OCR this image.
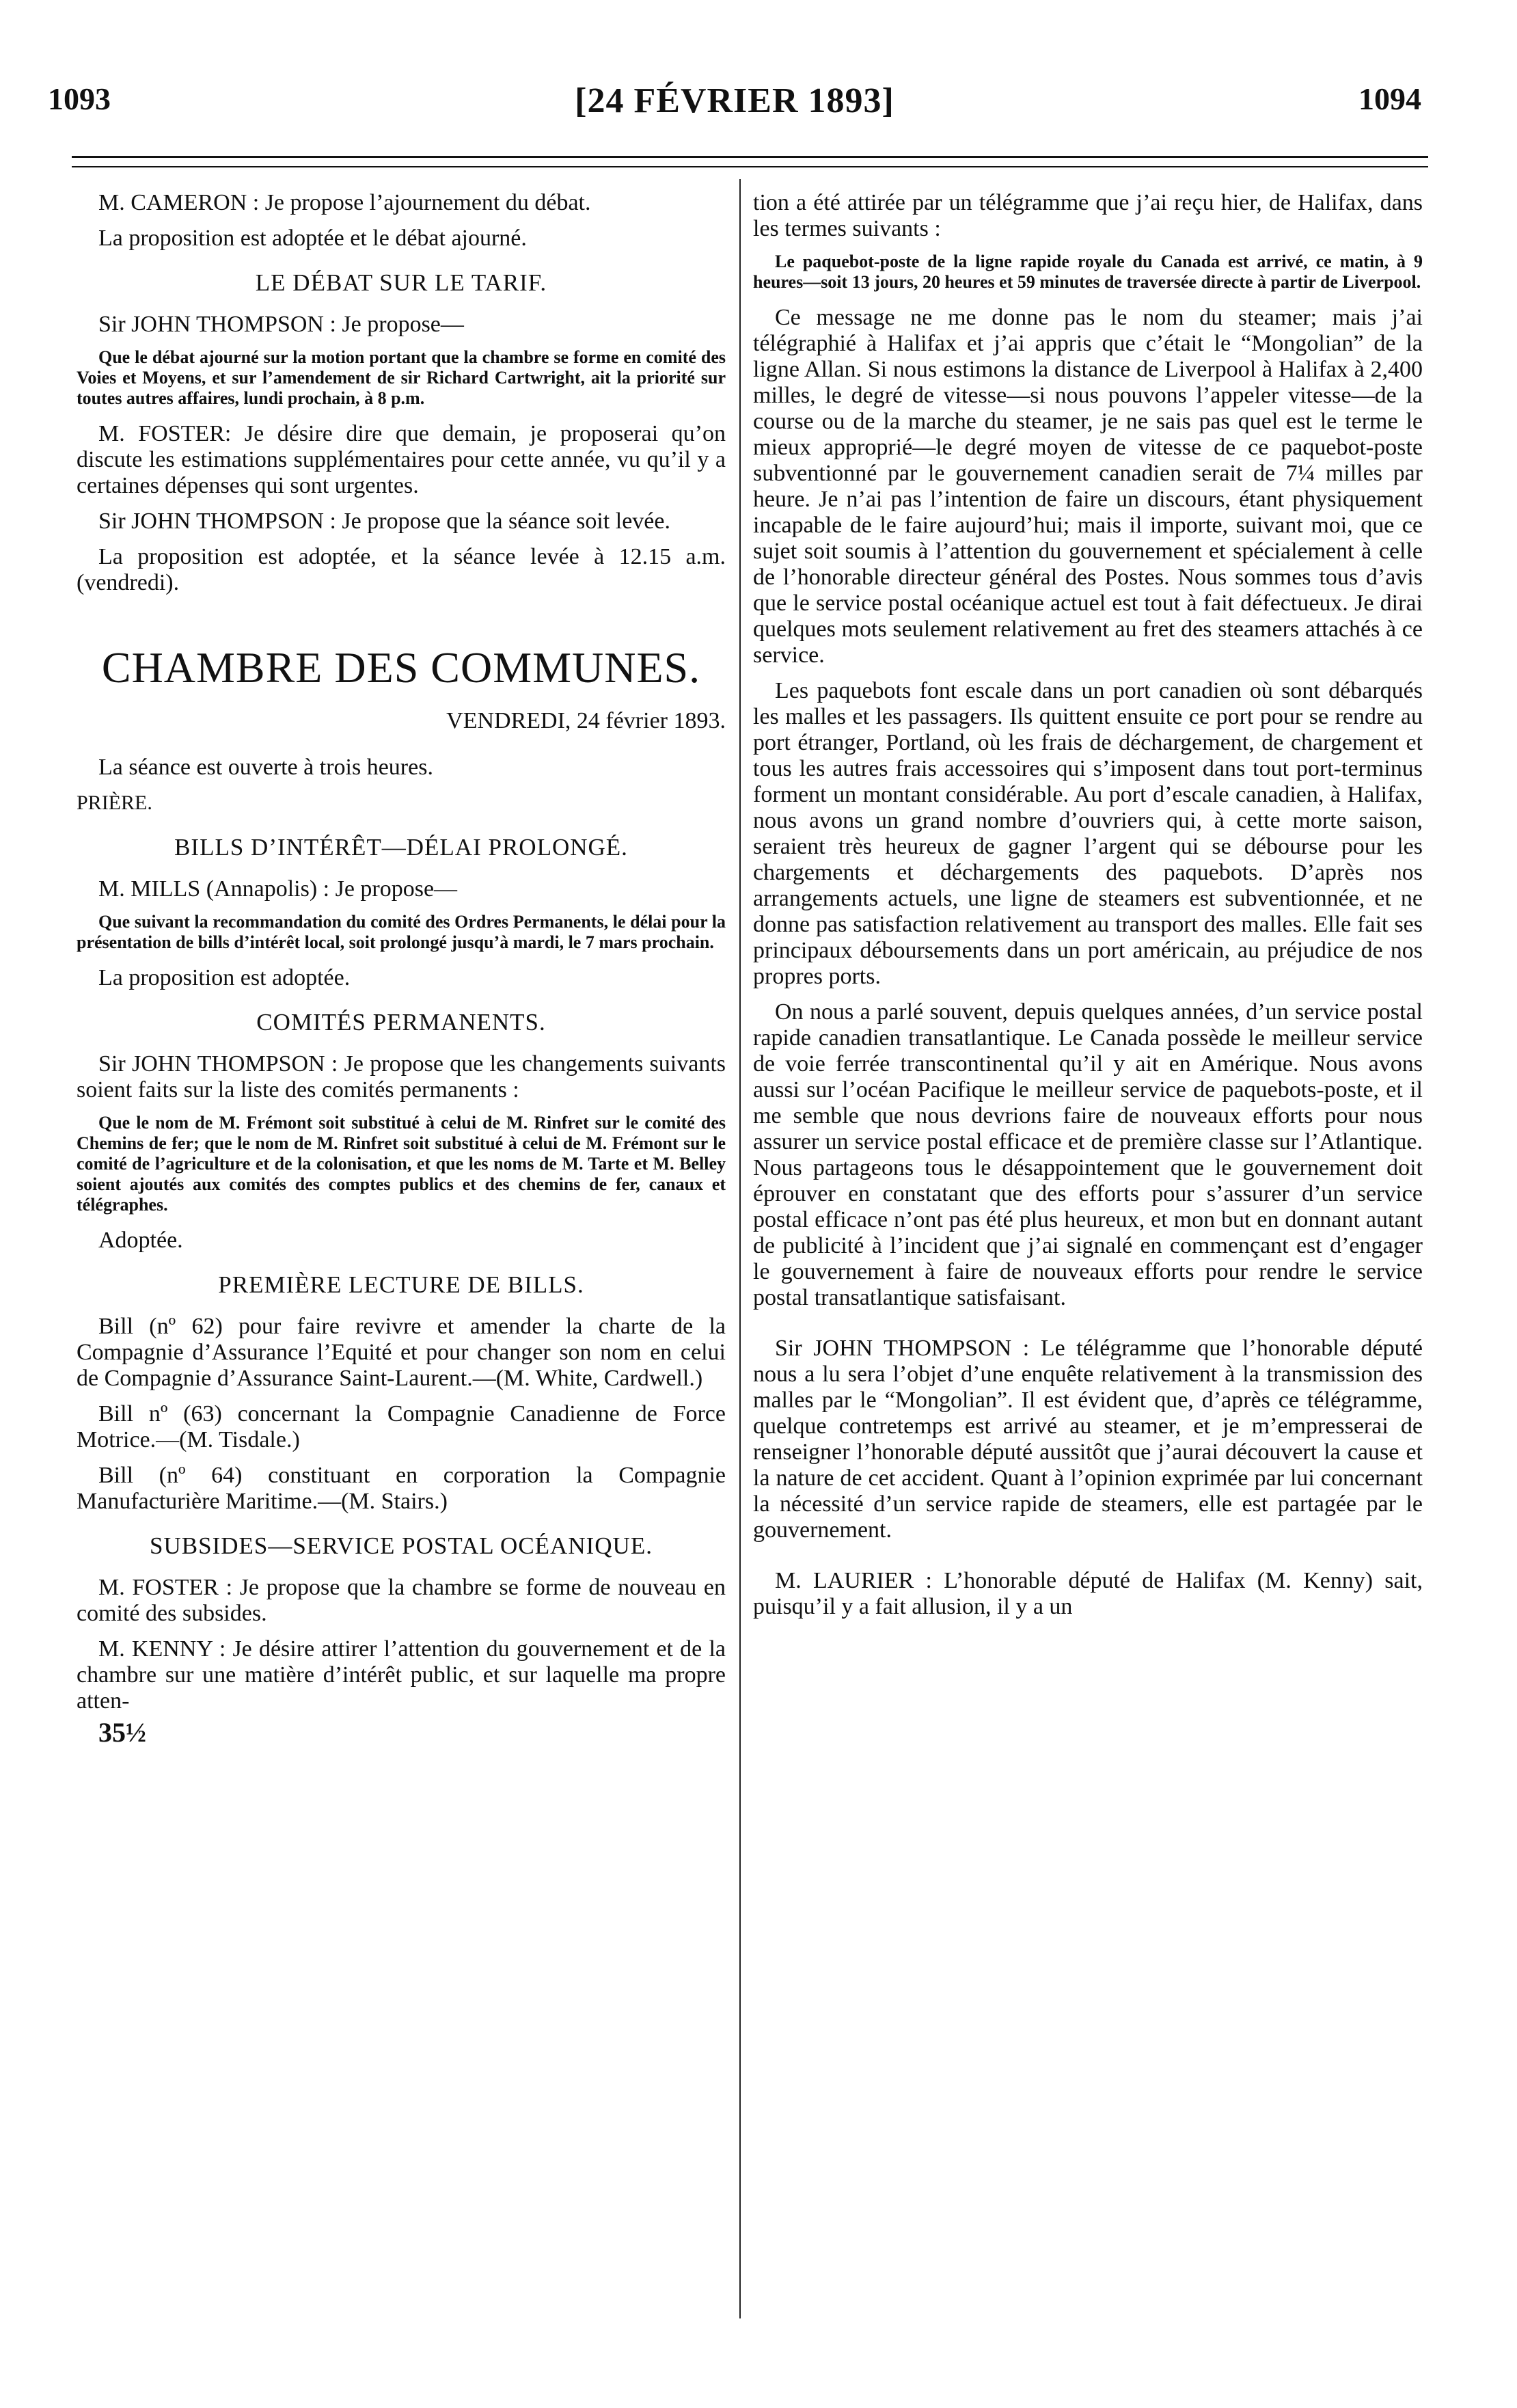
1093	[24 FÉVRIER 1893]	1094

M. CAMERON : Je propose l’ajournement du débat.

La proposition est adoptée et le débat ajourné.

LE DÉBAT SUR LE TARIF.

Sir JOHN THOMPSON : Je propose—

Que le débat ajourné sur la motion portant que la chambre se forme en comité des Voies et Moyens, et sur l’amendement de sir Richard Cartwright, ait la priorité sur toutes autres affaires, lundi prochain, à 8 p.m.

M. FOSTER: Je désire dire que demain, je proposerai qu’on discute les estimations supplémentaires pour cette année, vu qu’il y a certaines dépenses qui sont urgentes.

Sir JOHN THOMPSON : Je propose que la séance soit levée.

La proposition est adoptée, et la séance levée à 12.15 a.m. (vendredi).

CHAMBRE DES COMMUNES.
VENDREDI, 24 février 1893.

La séance est ouverte à trois heures.

PRIÈRE.

BILLS D’INTÉRÊT—DÉLAI PROLONGÉ.

M. MILLS (Annapolis) : Je propose—

Que suivant la recommandation du comité des Ordres Permanents, le délai pour la présentation de bills d’intérêt local, soit prolongé jusqu’à mardi, le 7 mars prochain.

La proposition est adoptée.

COMITÉS PERMANENTS.

Sir JOHN THOMPSON : Je propose que les changements suivants soient faits sur la liste des comités permanents :

Que le nom de M. Frémont soit substitué à celui de M. Rinfret sur le comité des Chemins de fer; que le nom de M. Rinfret soit substitué à celui de M. Frémont sur le comité de l’agriculture et de la colonisation, et que les noms de M. Tarte et M. Belley soient ajoutés aux comités des comptes publics et des chemins de fer, canaux et télégraphes.

Adoptée.

PREMIÈRE LECTURE DE BILLS.

Bill (nº 62) pour faire revivre et amender la charte de la Compagnie d’Assurance l’Equité et pour changer son nom en celui de Compagnie d’Assurance Saint-Laurent.—(M. White, Cardwell.)

Bill nº (63) concernant la Compagnie Canadienne de Force Motrice.—(M. Tisdale.)

Bill (nº 64) constituant en corporation la Compagnie Manufacturière Maritime.—(M. Stairs.)

SUBSIDES—SERVICE POSTAL OCÉANIQUE.

M. FOSTER : Je propose que la chambre se forme de nouveau en comité des subsides.

M. KENNY : Je désire attirer l’attention du gouvernement et de la chambre sur une matière d’intérêt public, et sur laquelle ma propre atten-

35½

tion a été attirée par un télégramme que j’ai reçu hier, de Halifax, dans les termes suivants :

Le paquebot-poste de la ligne rapide royale du Canada est arrivé, ce matin, à 9 heures—soit 13 jours, 20 heures et 59 minutes de traversée directe à partir de Liverpool.

Ce message ne me donne pas le nom du steamer; mais j’ai télégraphié à Halifax et j’ai appris que c’était le “Mongolian” de la ligne Allan. Si nous estimons la distance de Liverpool à Halifax à 2,400 milles, le degré de vitesse—si nous pouvons l’appeler vitesse—de la course ou de la marche du steamer, je ne sais pas quel est le terme le mieux approprié—le degré moyen de vitesse de ce paquebot-poste subventionné par le gouvernement canadien serait de 7¼ milles par heure. Je n’ai pas l’intention de faire un discours, étant physiquement incapable de le faire aujourd’hui; mais il importe, suivant moi, que ce sujet soit soumis à l’attention du gouvernement et spécialement à celle de l’honorable directeur général des Postes. Nous sommes tous d’avis que le service postal océanique actuel est tout à fait défectueux. Je dirai quelques mots seulement relativement au fret des steamers attachés à ce service.

Les paquebots font escale dans un port canadien où sont débarqués les malles et les passagers. Ils quittent ensuite ce port pour se rendre au port étranger, Portland, où les frais de déchargement, de chargement et tous les autres frais accessoires qui s’imposent dans tout port-terminus forment un montant considérable. Au port d’escale canadien, à Halifax, nous avons un grand nombre d’ouvriers qui, à cette morte saison, seraient très heureux de gagner l’argent qui se débourse pour les chargements et déchargements des paquebots. D’après nos arrangements actuels, une ligne de steamers est subventionnée, et ne donne pas satisfaction relativement au transport des malles. Elle fait ses principaux déboursements dans un port américain, au préjudice de nos propres ports.

On nous a parlé souvent, depuis quelques années, d’un service postal rapide canadien transatlantique. Le Canada possède le meilleur service de voie ferrée transcontinental qu’il y ait en Amérique. Nous avons aussi sur l’océan Pacifique le meilleur service de paquebots-poste, et il me semble que nous devrions faire de nouveaux efforts pour nous assurer un service postal efficace et de première classe sur l’Atlantique. Nous partageons tous le désappointement que le gouvernement doit éprouver en constatant que des efforts pour s’assurer d’un service postal efficace n’ont pas été plus heureux, et mon but en donnant autant de publicité à l’incident que j’ai signalé en commençant est d’engager le gouvernement à faire de nouveaux efforts pour rendre le service postal transatlantique satisfaisant.

Sir JOHN THOMPSON : Le télégramme que l’honorable député nous a lu sera l’objet d’une enquête relativement à la transmission des malles par le “Mongolian”. Il est évident que, d’après ce télégramme, quelque contretemps est arrivé au steamer, et je m’empresserai de renseigner l’honorable député aussitôt que j’aurai découvert la cause et la nature de cet accident. Quant à l’opinion exprimée par lui concernant la nécessité d’un service rapide de steamers, elle est partagée par le gouvernement.

M. LAURIER : L’honorable député de Halifax (M. Kenny) sait, puisqu’il y a fait allusion, il y a un
